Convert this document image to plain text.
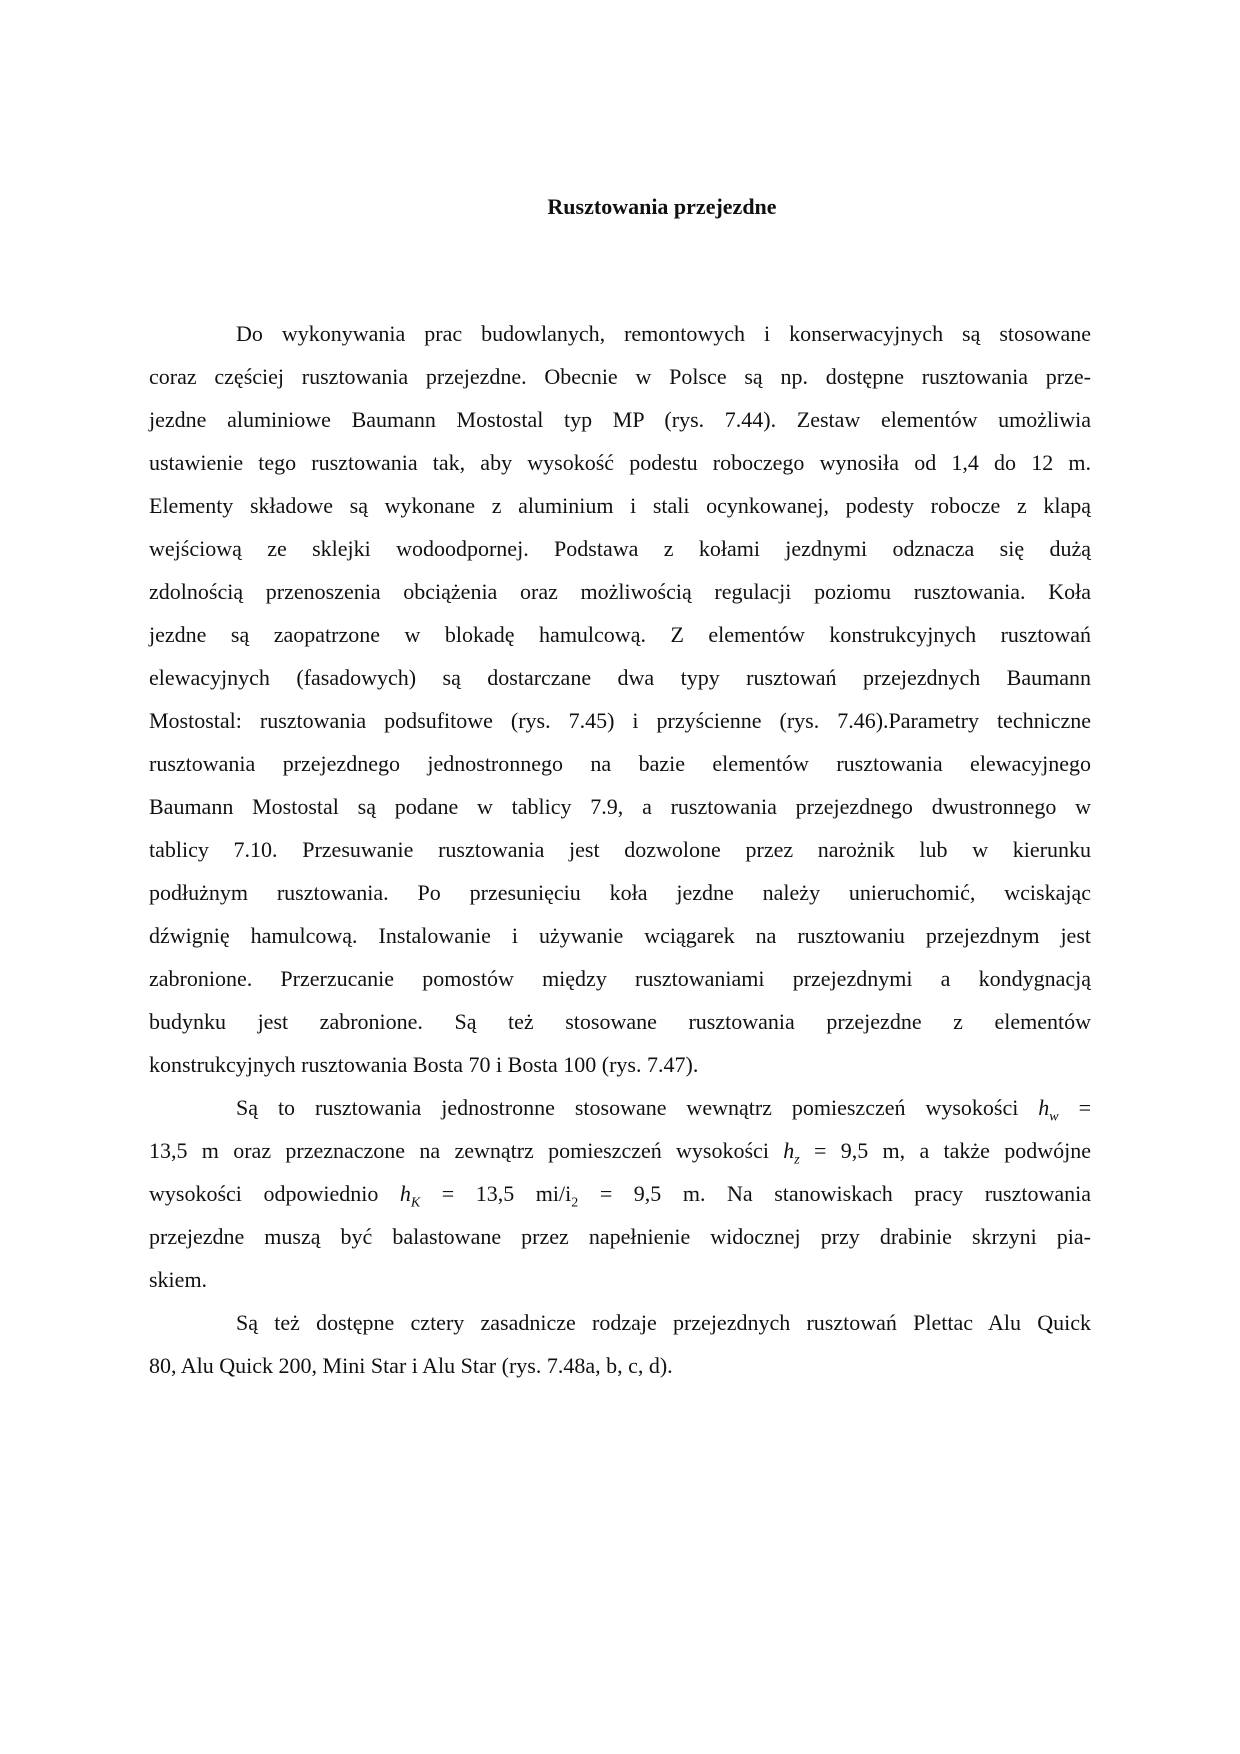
Rusztowania przejezdne
Do wykonywania prac budowlanych, remontowych i konserwacyjnych są stosowane
coraz częściej rusztowania przejezdne. Obecnie w Polsce są np. dostępne rusztowania prze-
jezdne aluminiowe Baumann Mostostal typ MP (rys. 7.44). Zestaw elementów umożliwia
ustawienie tego rusztowania tak, aby wysokość podestu roboczego wynosiła od 1,4 do 12 m.
Elementy składowe są wykonane z aluminium i stali ocynkowanej, podesty robocze z klapą
wejściową ze sklejki wodoodpornej. Podstawa z kołami jezdnymi odznacza się dużą
zdolnością przenoszenia obciążenia oraz możliwością regulacji poziomu rusztowania. Koła
jezdne są zaopatrzone w blokadę hamulcową. Z elementów konstrukcyjnych rusztowań
elewacyjnych (fasadowych) są dostarczane dwa typy rusztowań przejezdnych Baumann
Mostostal: rusztowania podsufitowe (rys. 7.45) i przyścienne (rys. 7.46).Parametry techniczne
rusztowania przejezdnego jednostronnego na bazie elementów rusztowania elewacyjnego
Baumann Mostostal są podane w tablicy 7.9, a rusztowania przejezdnego dwustronnego w
tablicy 7.10. Przesuwanie rusztowania jest dozwolone przez narożnik lub w kierunku
podłużnym rusztowania. Po przesunięciu koła jezdne należy unieruchomić, wciskając
dźwignię hamulcową. Instalowanie i używanie wciągarek na rusztowaniu przejezdnym jest
zabronione. Przerzucanie pomostów między rusztowaniami przejezdnymi a kondygnacją
budynku jest zabronione. Są też stosowane rusztowania przejezdne z elementów
konstrukcyjnych rusztowania Bosta 70 i Bosta 100 (rys. 7.47).
Są to rusztowania jednostronne stosowane wewnątrz pomieszczeń wysokości $h_w$ =
13,5 m oraz przeznaczone na zewnątrz pomieszczeń wysokości $h_z = 9,5$ m, a także podwójne
wysokości odpowiednio $h_K = 13,5$ $mi/i_2 = 9,5$ m. Na stanowiskach pracy rusztowania
przejezdne muszą być balastowane przez napełnienie widocznej przy drabinie skrzyni pia-
skiem.
Są też dostępne cztery zasadnicze rodzaje przejezdnych rusztowań Plettac Alu Quick
80, Alu Quick 200, Mini Star i Alu Star (rys. 7.48a, b, c, d).
